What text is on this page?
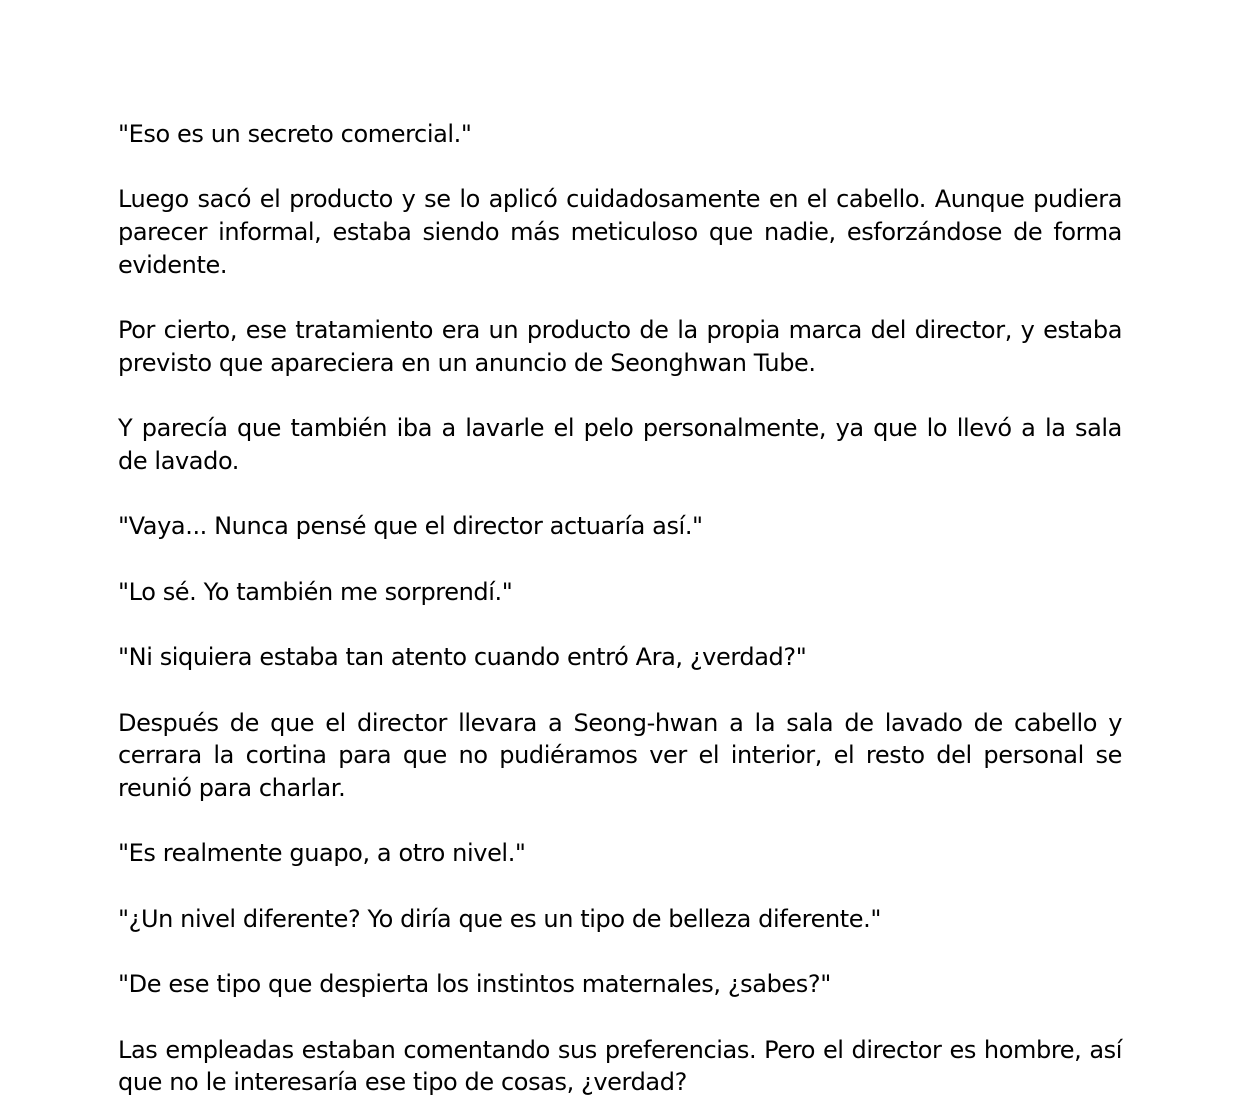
"Eso es un secreto comercial."

Luego sacó el producto y se lo aplicó cuidadosamente en el cabello. Aunque pudiera parecer informal, estaba siendo más meticuloso que nadie, esforzándose de forma evidente.

Por cierto, ese tratamiento era un producto de la propia marca del director, y estaba previsto que apareciera en un anuncio de Seonghwan Tube.

Y parecía que también iba a lavarle el pelo personalmente, ya que lo llevó a la sala de lavado.

"Vaya... Nunca pensé que el director actuaría así."

"Lo sé. Yo también me sorprendí."

"Ni siquiera estaba tan atento cuando entró Ara, ¿verdad?"

Después de que el director llevara a Seong-hwan a la sala de lavado de cabello y cerrara la cortina para que no pudiéramos ver el interior, el resto del personal se reunió para charlar.

"Es realmente guapo, a otro nivel."

"¿Un nivel diferente? Yo diría que es un tipo de belleza diferente."

"De ese tipo que despierta los instintos maternales, ¿sabes?"

Las empleadas estaban comentando sus preferencias. Pero el director es hombre, así que no le interesaría ese tipo de cosas, ¿verdad?
